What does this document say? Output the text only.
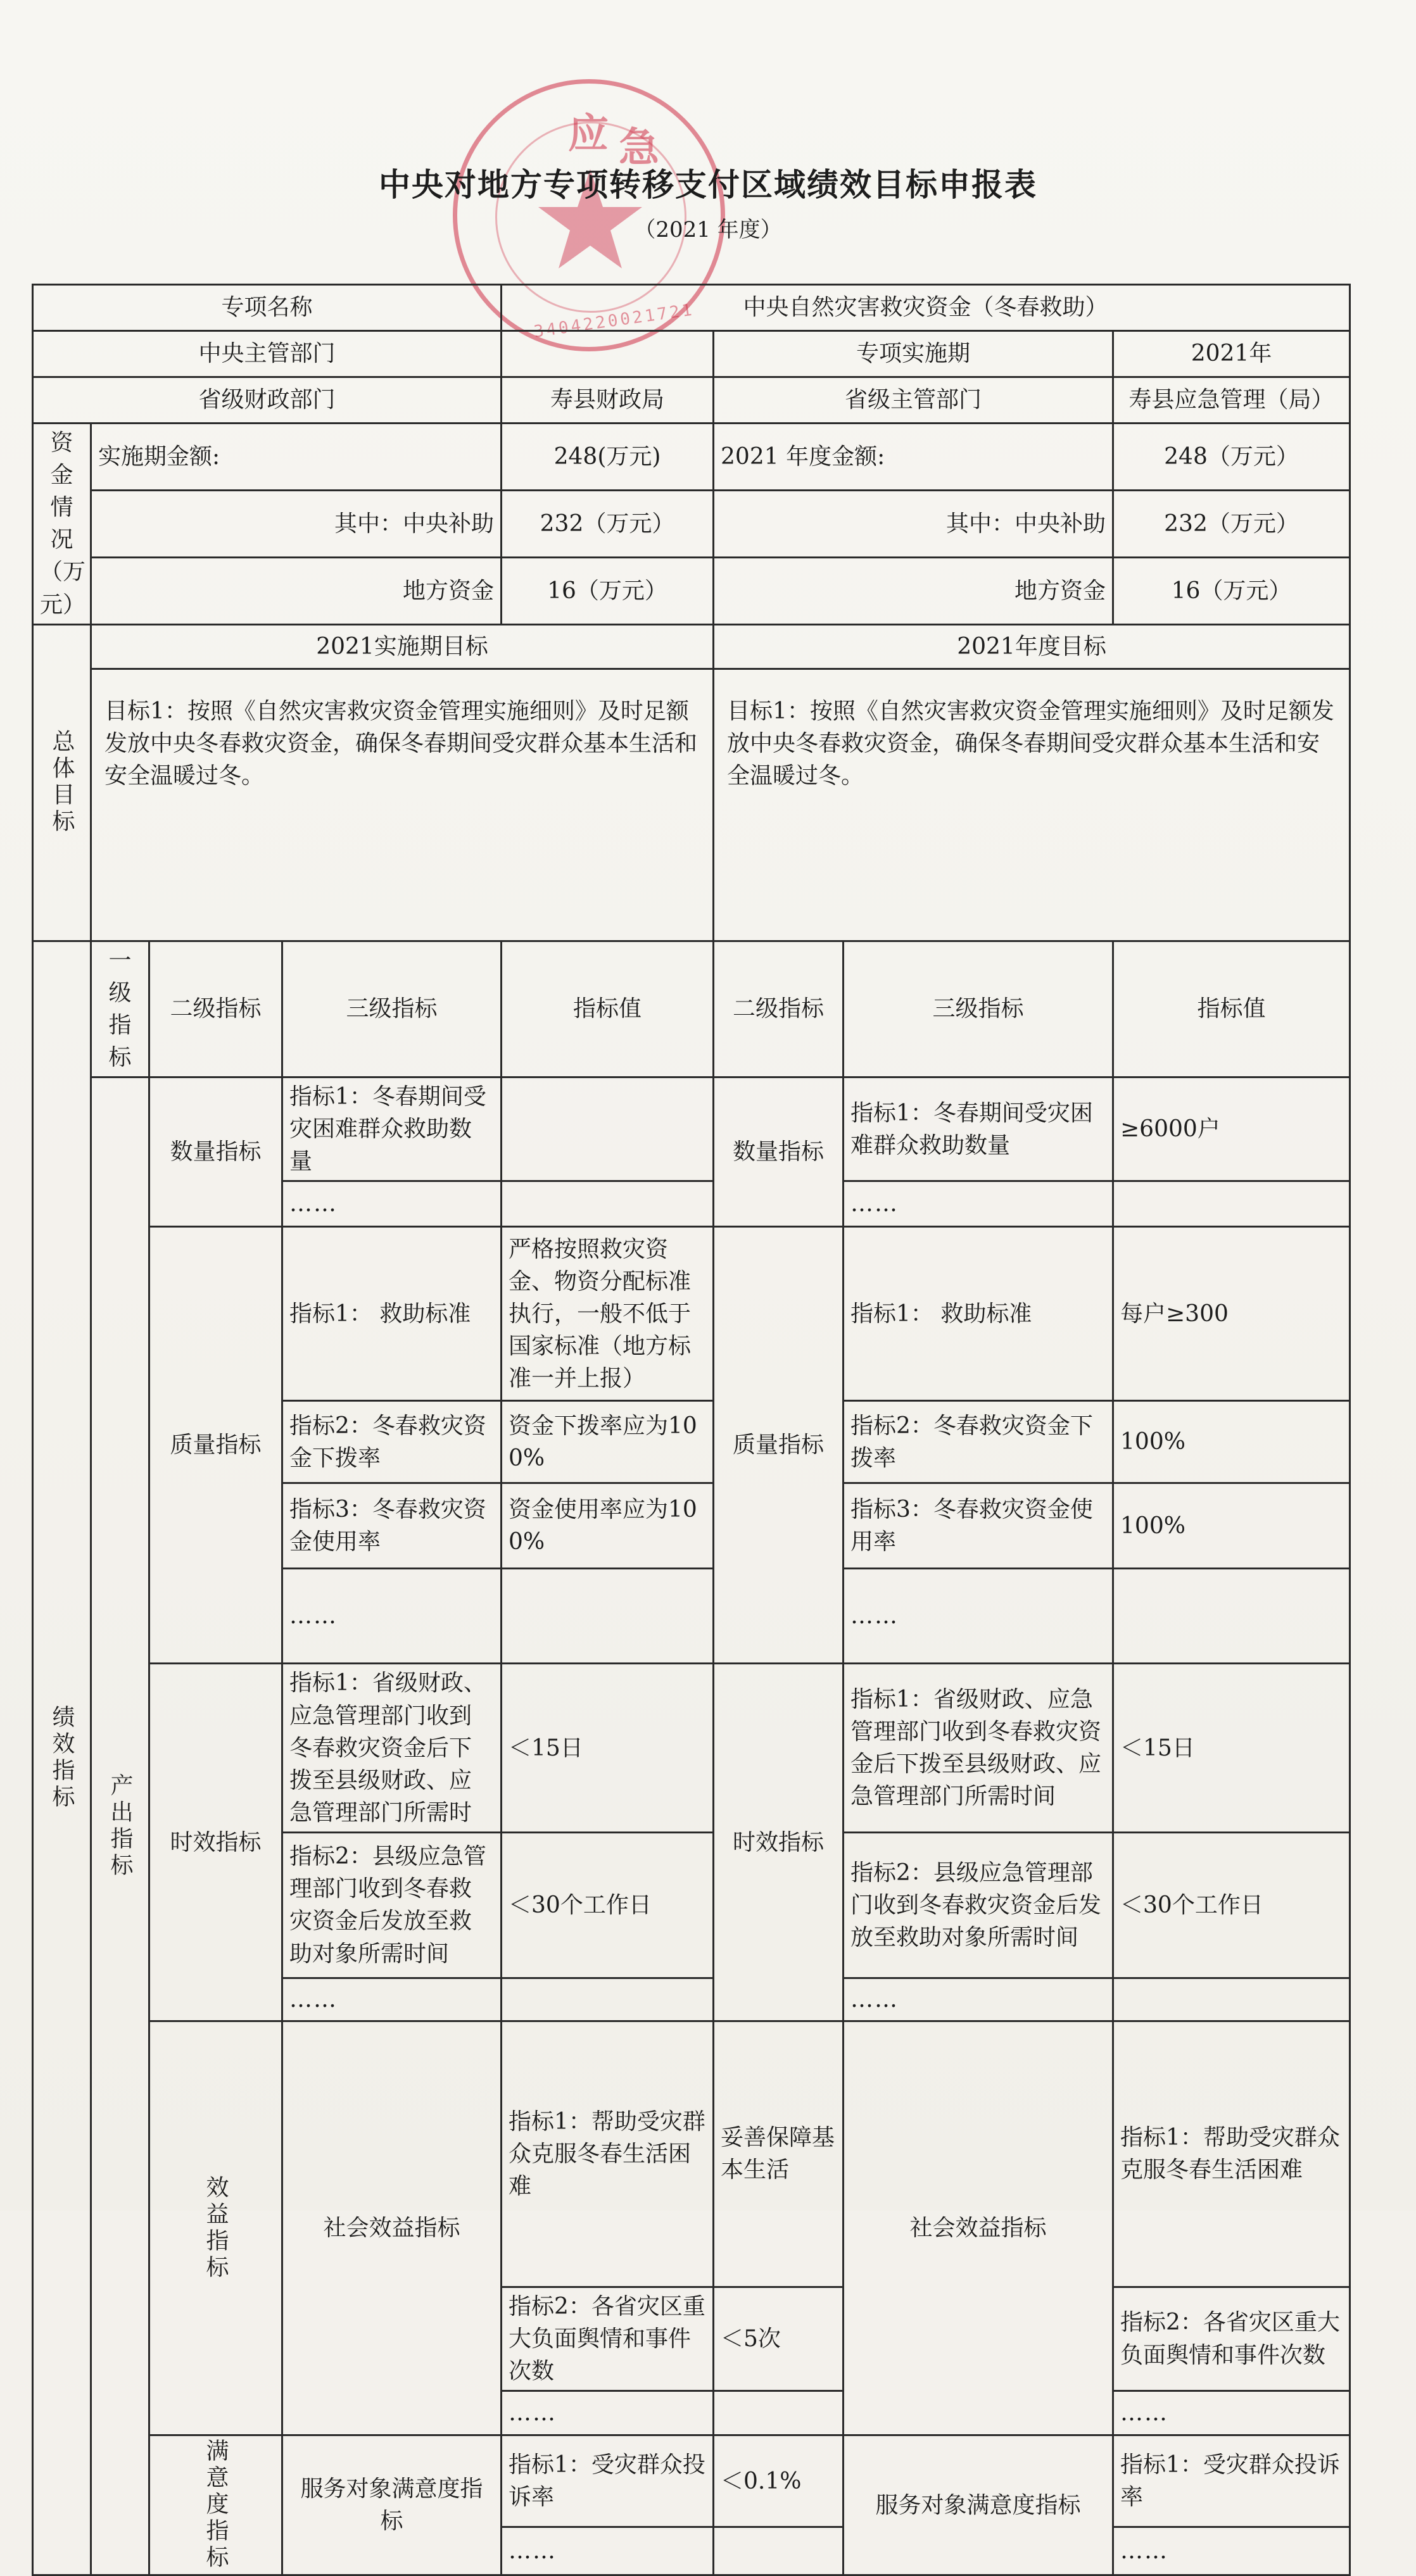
应 急
3404220021721
中央对地方专项转移支付区域绩效目标申报表
（2021 年度）
专项名称				中央自然灾害救灾资金（冬春救助）				
中央主管部门					专项实施期		2021年	
省级财政部门				寿县财政局	省级主管部门		寿县应急管理（局）	
资金情况（万元）	实施期金额:			248(万元)	2021 年度金额:		248（万元）	
	其中：中央补助			232（万元）	其中：中央补助		232（万元）	
	地方资金			16（万元）	地方资金		16（万元）	

总体目标	2021实施期目标				2021年度目标			
	目标1：按照《自然灾害救灾资金管理实施细则》及时足额发放中央冬春救灾资金，确保冬春期间受灾群众基本生活和安全温暖过冬。				目标1：按照《自然灾害救灾资金管理实施细则》及时足额发放中央冬春救灾资金，确保冬春期间受灾群众基本生活和安全温暖过冬。			

绩效指标	一级指标	二级指标	三级指标	指标值	二级指标	三级指标	指标值	

	产出指标	数量指标	指标1：冬春期间受灾困难群众救助数量		数量指标	指标1：冬春期间受灾困难群众救助数量	≥6000户	
			……			……		
		质量指标	指标1： 救助标准	严格按照救灾资金、物资分配标准执行，一般不低于国家标准（地方标准一并上报）	质量指标	指标1： 救助标准	每户≥300	
			指标2：冬春救灾资金下拨率	资金下拨率应为100%		指标2：冬春救灾资金下拨率	100%	
			指标3：冬春救灾资金使用率	资金使用率应为100%		指标3：冬春救灾资金使用率	100%	
			……			……		
		时效指标	指标1：省级财政、应急管理部门收到冬春救灾资金后下拨至县级财政、应急管理部门所需时	＜15日	时效指标	指标1：省级财政、应急管理部门收到冬春救灾资金后下拨至县级财政、应急管理部门所需时间	＜15日	
			指标2：县级应急管理部门收到冬春救灾资金后发放至救助对象所需时间	＜30个工作日		指标2：县级应急管理部门收到冬春救灾资金后发放至救助对象所需时间	＜30个工作日	
			……			……		

		效益指标	社会效益指标	指标1：帮助受灾群众克服冬春生活困难	妥善保障基本生活	社会效益指标	指标1：帮助受灾群众克服冬春生活困难	
				指标2：各省灾区重大负面舆情和事件次数	＜5次		指标2：各省灾区重大负面舆情和事件次数	
				……			……	

		满意度指标	服务对象满意度指标	指标1：受灾群众投诉率	＜0.1%	服务对象满意度指标	指标1：受灾群众投诉率	
				……			……	
